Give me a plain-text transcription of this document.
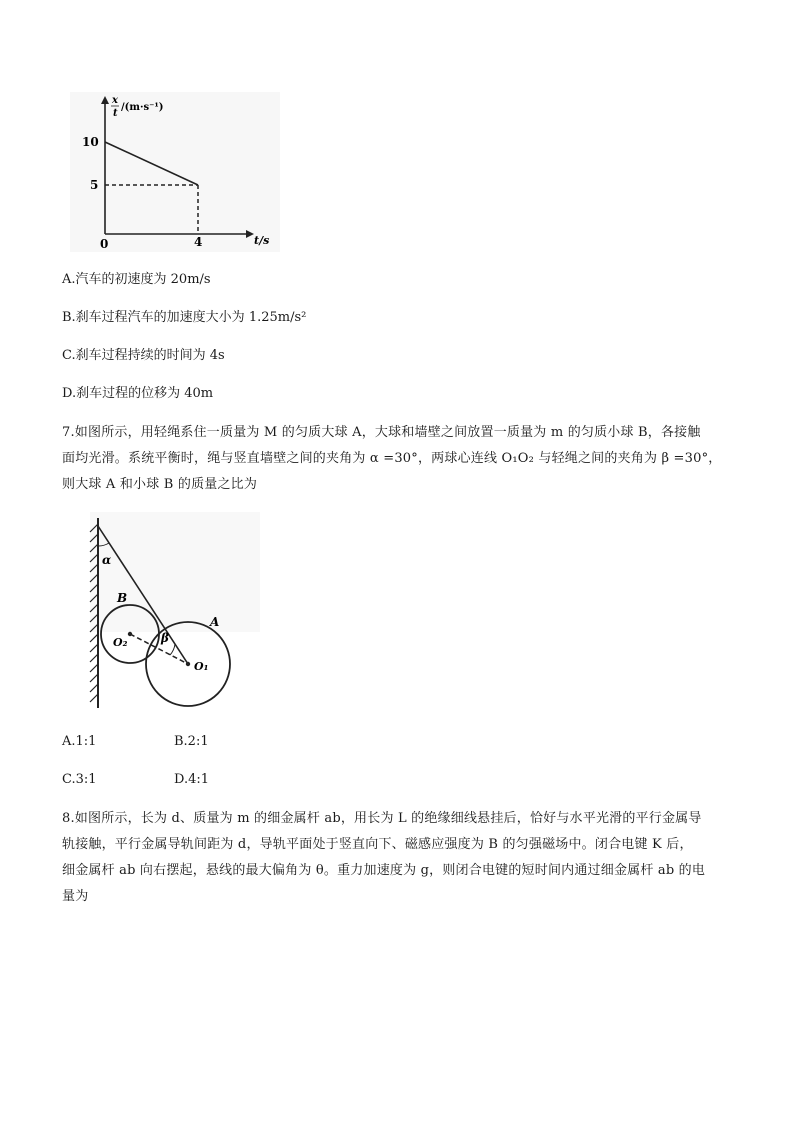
x
t
/(m·s⁻¹)
10
5
0	4	t/s
A.汽车的初速度为 20m/s
B.刹车过程汽车的加速度大小为 1.25m/s²
C.刹车过程持续的时间为 4s
D.刹车过程的位移为 40m
7.如图所示，用轻绳系住一质量为 M 的匀质大球 A，大球和墙壁之间放置一质量为 m 的匀质小球 B，各接触
面均光滑。系统平衡时，绳与竖直墙壁之间的夹角为 α =30°，两球心连线 O₁O₂ 与轻绳之间的夹角为 β =30°，
则大球 A 和小球 B 的质量之比为
α
β
B
A
O₂
O₁
A.1:1	B.2:1
C.3:1	D.4:1
8.如图所示，长为 d、质量为 m 的细金属杆 ab，用长为 L 的绝缘细线悬挂后，恰好与水平光滑的平行金属导
轨接触，平行金属导轨间距为 d，导轨平面处于竖直向下、磁感应强度为 B 的匀强磁场中。闭合电键 K 后，
细金属杆 ab 向右摆起，悬线的最大偏角为 θ。重力加速度为 g，则闭合电键的短时间内通过细金属杆 ab 的电
量为
